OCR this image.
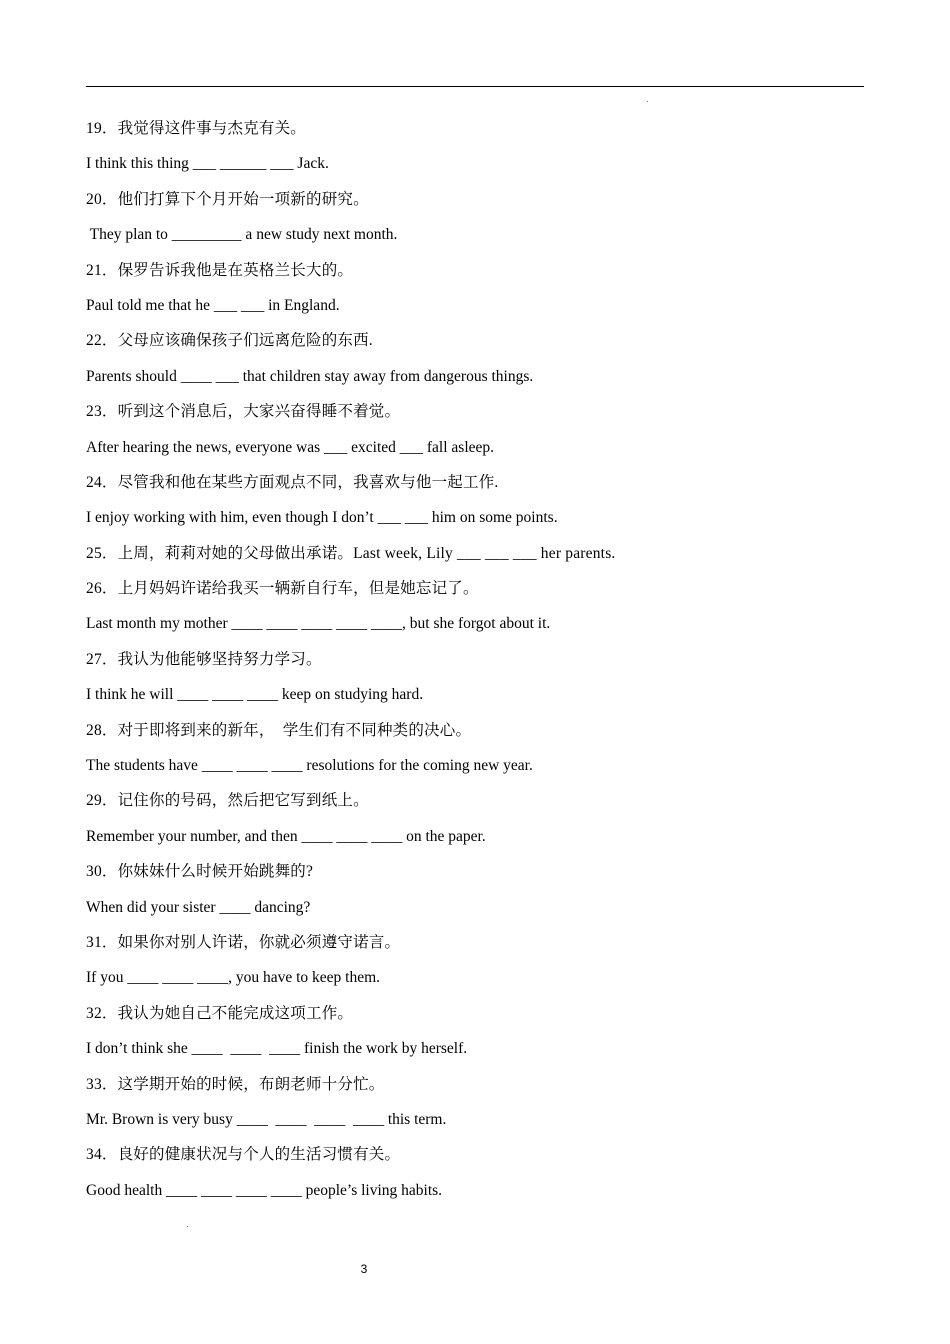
19．我觉得这件事与杰克有关。
I think this thing ___ ______ ___ Jack.
20．他们打算下个月开始一项新的研究。
They plan to _________ a new study next month.
21．保罗告诉我他是在英格兰长大的。
Paul told me that he ___ ___ in England.
22．父母应该确保孩子们远离危险的东西.
Parents should ____ ___ that children stay away from dangerous things.
23．听到这个消息后，大家兴奋得睡不着觉。
After hearing the news, everyone was ___ excited ___ fall asleep.
24．尽管我和他在某些方面观点不同，我喜欢与他一起工作.
I enjoy working with him, even though I don’t ___ ___ him on some points.
25．上周，莉莉对她的父母做出承诺。Last week, Lily ___ ___ ___ her parents.
26．上月妈妈许诺给我买一辆新自行车，但是她忘记了。
Last month my mother ____ ____ ____ ____ ____, but she forgot about it.
27．我认为他能够坚持努力学习。
I think he will ____ ____ ____ keep on studying hard.
28．对于即将到来的新年，  学生们有不同种类的决心。
The students have ____ ____ ____ resolutions for the coming new year.
29．记住你的号码，然后把它写到纸上。
Remember your number, and then ____ ____ ____ on the paper.
30．你妹妹什么时候开始跳舞的?
When did your sister ____ dancing?
31．如果你对别人许诺，你就必须遵守诺言。
If you ____ ____ ____, you have to keep them.
32．我认为她自己不能完成这项工作。
I don’t think she ____  ____  ____ finish the work by herself.
33．这学期开始的时候，布朗老师十分忙。
Mr. Brown is very busy ____  ____  ____  ____ this term.
34．良好的健康状况与个人的生活习惯有关。
Good health ____ ____ ____ ____ people’s living habits.
3
